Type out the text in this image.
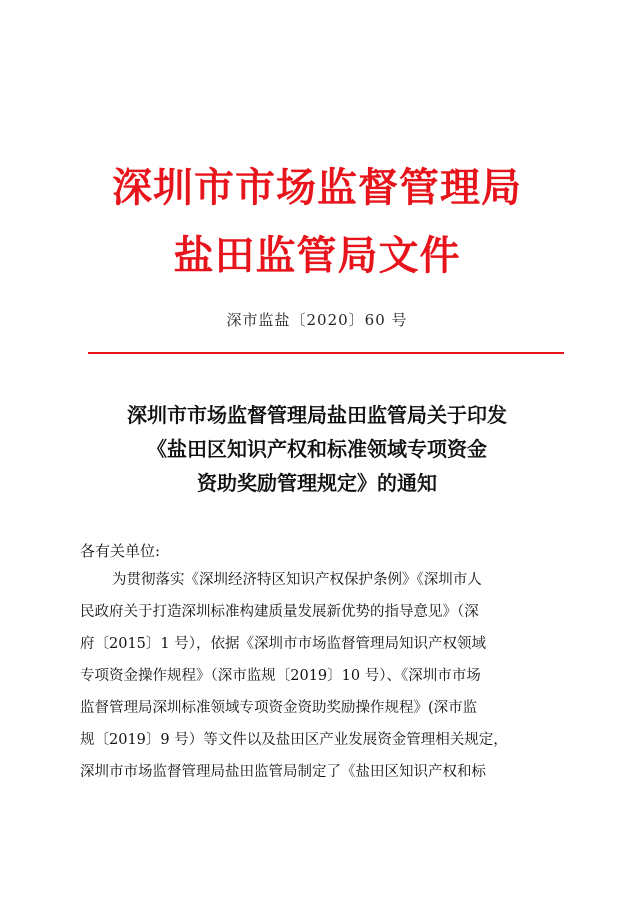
深圳市市场监督管理局
盐田监管局文件
深市监盐〔2020〕60 号
深圳市市场监督管理局盐田监管局关于印发
《盐田区知识产权和标准领域专项资金
资助奖励管理规定》的通知
各有关单位:
为贯彻落实《深圳经济特区知识产权保护条例》《深圳市人
民政府关于打造深圳标准构建质量发展新优势的指导意见》（深
府〔2015〕1 号），依据《深圳市市场监督管理局知识产权领域
专项资金操作规程》（深市监规〔2019〕10 号）、《深圳市市场
监督管理局深圳标准领域专项资金资助奖励操作规程》(深市监
规〔2019〕9 号）等文件以及盐田区产业发展资金管理相关规定，
深圳市市场监督管理局盐田监管局制定了《盐田区知识产权和标
